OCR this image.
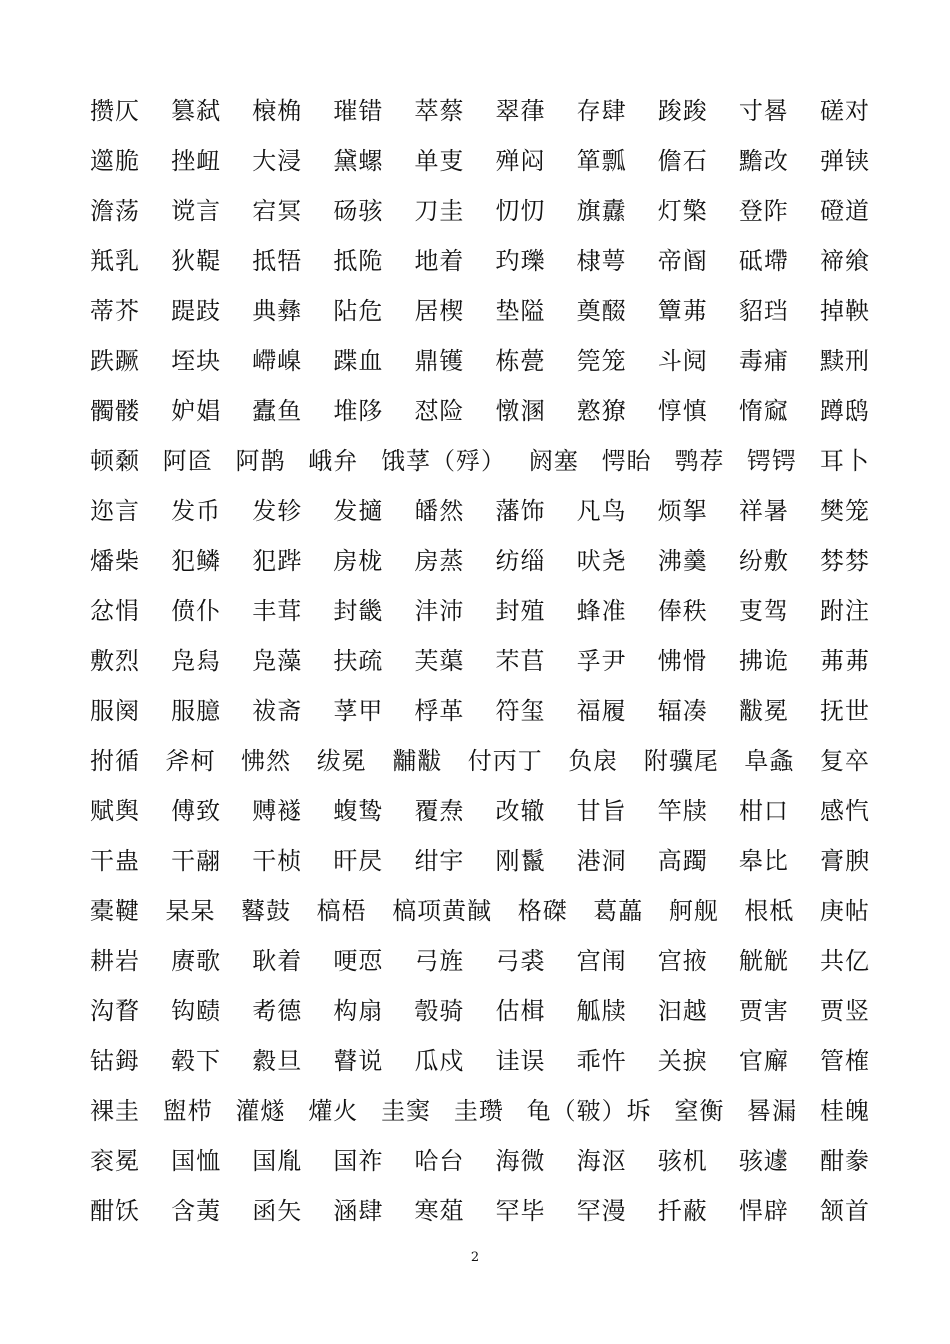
攒仄 篡弑 榱桷 璀错 萃蔡 翠葎 存肆 踆踆 寸晷 磋对
遾脆 挫衄 大浸 黛螺 单叓 殚闷 箪瓢 儋石 黵改 弹铗
澹荡 谠言 宕冥 砀骇 刀圭 忉忉 旗纛 灯檠 登阼 磴道
羝乳 狄鞮 抵牾 抵陒 地着 玓瓅 棣萼 帝阍 砥墆 禘飨
蒂芥 踶跂 典彝 阽危 居楔 垫隘 奠醊 簟茀 貂珰 掉鞅
跌蹶 垤块 嵽嵲 蹀血 鼎镬 栋甍 筦笼 斗阋 毒痡 黩刑
髑髅 妒娼 蠹鱼 堆陊 怼险 憞溷 憝獠 惇慎 惰窳 蹲鸱
顿颡 阿匼 阿鹊 峨弁 饿莩（殍） 阏塞 愕眙 鹗荐 锷锷 耳卜
迩言 发币 发轸 发擿 皤然 藩饰 凡鸟 烦挐 祥暑 樊笼
燔柴 犯鳞 犯跸 房栊 房蒸 纺缁 吠尧 沸羹 纷敷 棼棼
忿悁 偾仆 丰茸 封畿 沣沛 封殖 蜂准 俸秩 叓驾 跗注
敷烈 凫舄 凫藻 扶疏 芙蕖 芣苢 孚尹 怫愲 拂诡 茀茀
服阕 服臆 祓斋 莩甲 桴革 符玺 福履 辐凑 黻冕 抚世
拊循 斧柯 怫然 绂冕 黼黻 付丙丁 负扆 附骥尾 阜螽 复卒
赋舆 傅致 赙襚 蝮鸷 覆焘 改辙 甘旨 竿牍 柑口 感忾
干蛊 干翮 干桢 旰昃 绀宇 刚鬣 港洞 高躅 皋比 膏腴
橐鞬 杲杲 鼛鼓 槁梧 槁项黄馘 格磔 葛藟 舸舰 根柢 庚帖
耕岩 赓歌 耿着 哽恧 弓旌 弓裘 宫闱 宫掖 觥觥 共亿
沟瞀 钩赜 耇德 构扇 彀骑 估楫 觚牍 汩越 贾害 贾竖
钴鉧 毂下 縠旦 瞽说 瓜戍 诖误 乖忤 关捩 官廨 管榷
裸圭 盥栉 灌燧 爟火 圭窦 圭瓒 龟（皲）坼 窒衡 晷漏 桂魄
衮冕 国恤 国胤 国祚 哈台 海微 海沤 骇机 骇遽 酣豢
酣饫 含荑 函矢 涵肆 寒葅 罕毕 罕漫 扦蔽 悍辟 颔首
2
